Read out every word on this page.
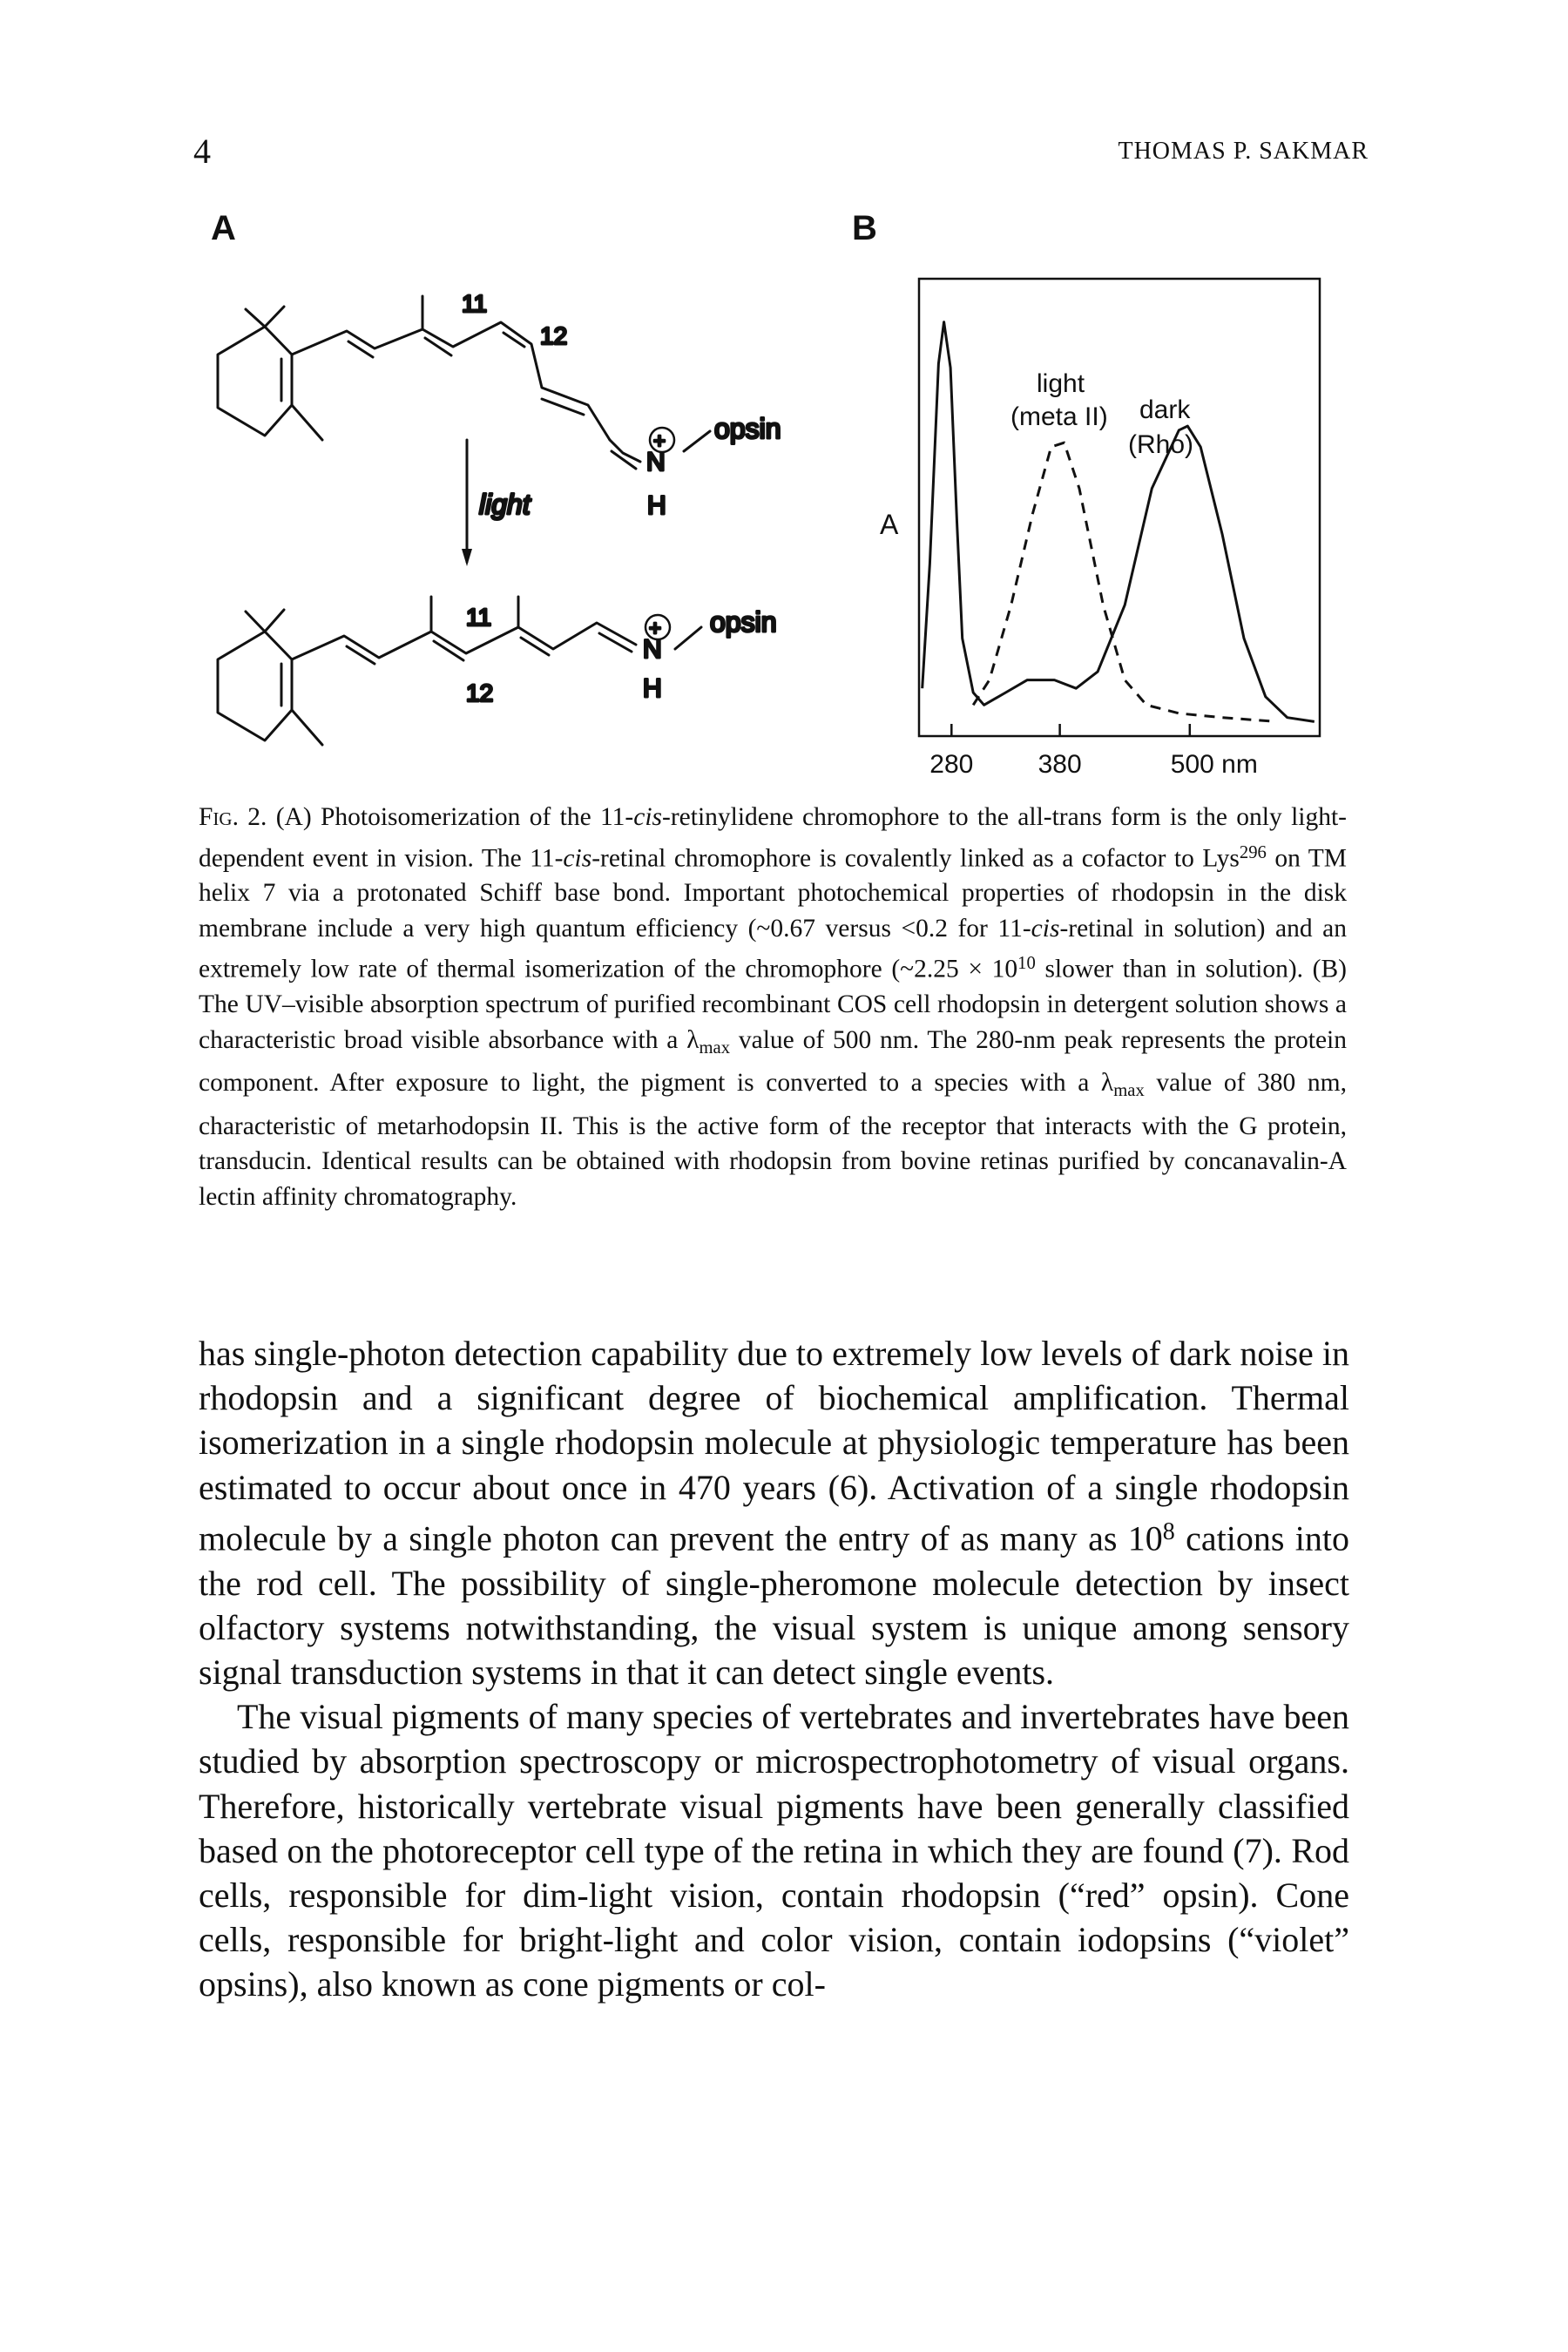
4	THOMAS P. SAKMAR
A	B
11
12
+
N
opsin
H
light
11
12
+
N
opsin
H
A
light
(meta II) dark
(Rho)
280 380	500 nm
Fig. 2. (A) Photoisomerization of the 11-cis-retinylidene chromophore to the all-trans form is the only light-dependent event in vision. The 11-cis-retinal chromophore is covalently linked as a cofactor to Lys$^{296}$ on TM helix 7 via a protonated Schiff base bond. Important photochemical properties of rhodopsin in the disk membrane include a very high quantum efficiency (~0.67 versus <0.2 for 11-cis-retinal in solution) and an extremely low rate of thermal isomerization of the chromophore (~2.25 × $10^{10}$ slower than in solution). (B) The UV–visible absorption spectrum of purified recombinant COS cell rhodopsin in detergent solution shows a characteristic broad visible absorbance with a $\lambda_{max}$ value of 500 nm. The 280-nm peak represents the protein component. After exposure to light, the pigment is converted to a species with a $\lambda_{max}$ value of 380 nm, characteristic of metarhodopsin II. This is the active form of the receptor that interacts with the G protein, transducin. Identical results can be obtained with rhodopsin from bovine retinas purified by concanavalin-A lectin affinity chromatography.

has single-photon detection capability due to extremely low levels of dark noise in rhodopsin and a significant degree of biochemical amplification. Thermal isomerization in a single rhodopsin molecule at physiologic temperature has been estimated to occur about once in 470 years (6). Activation of a single rhodopsin molecule by a single photon can prevent the entry of as many as $10^8$ cations into the rod cell. The possibility of single-pheromone molecule detection by insect olfactory systems notwithstanding, the visual system is unique among sensory signal transduction systems in that it can detect single events.

The visual pigments of many species of vertebrates and invertebrates have been studied by absorption spectroscopy or microspectrophotometry of visual organs. Therefore, historically vertebrate visual pigments have been generally classified based on the photoreceptor cell type of the retina in which they are found (7). Rod cells, responsible for dim-light vision, contain rhodopsin (“red” opsin). Cone cells, responsible for bright-light and color vision, contain iodopsins (“violet” opsins), also known as cone pigments or col-
